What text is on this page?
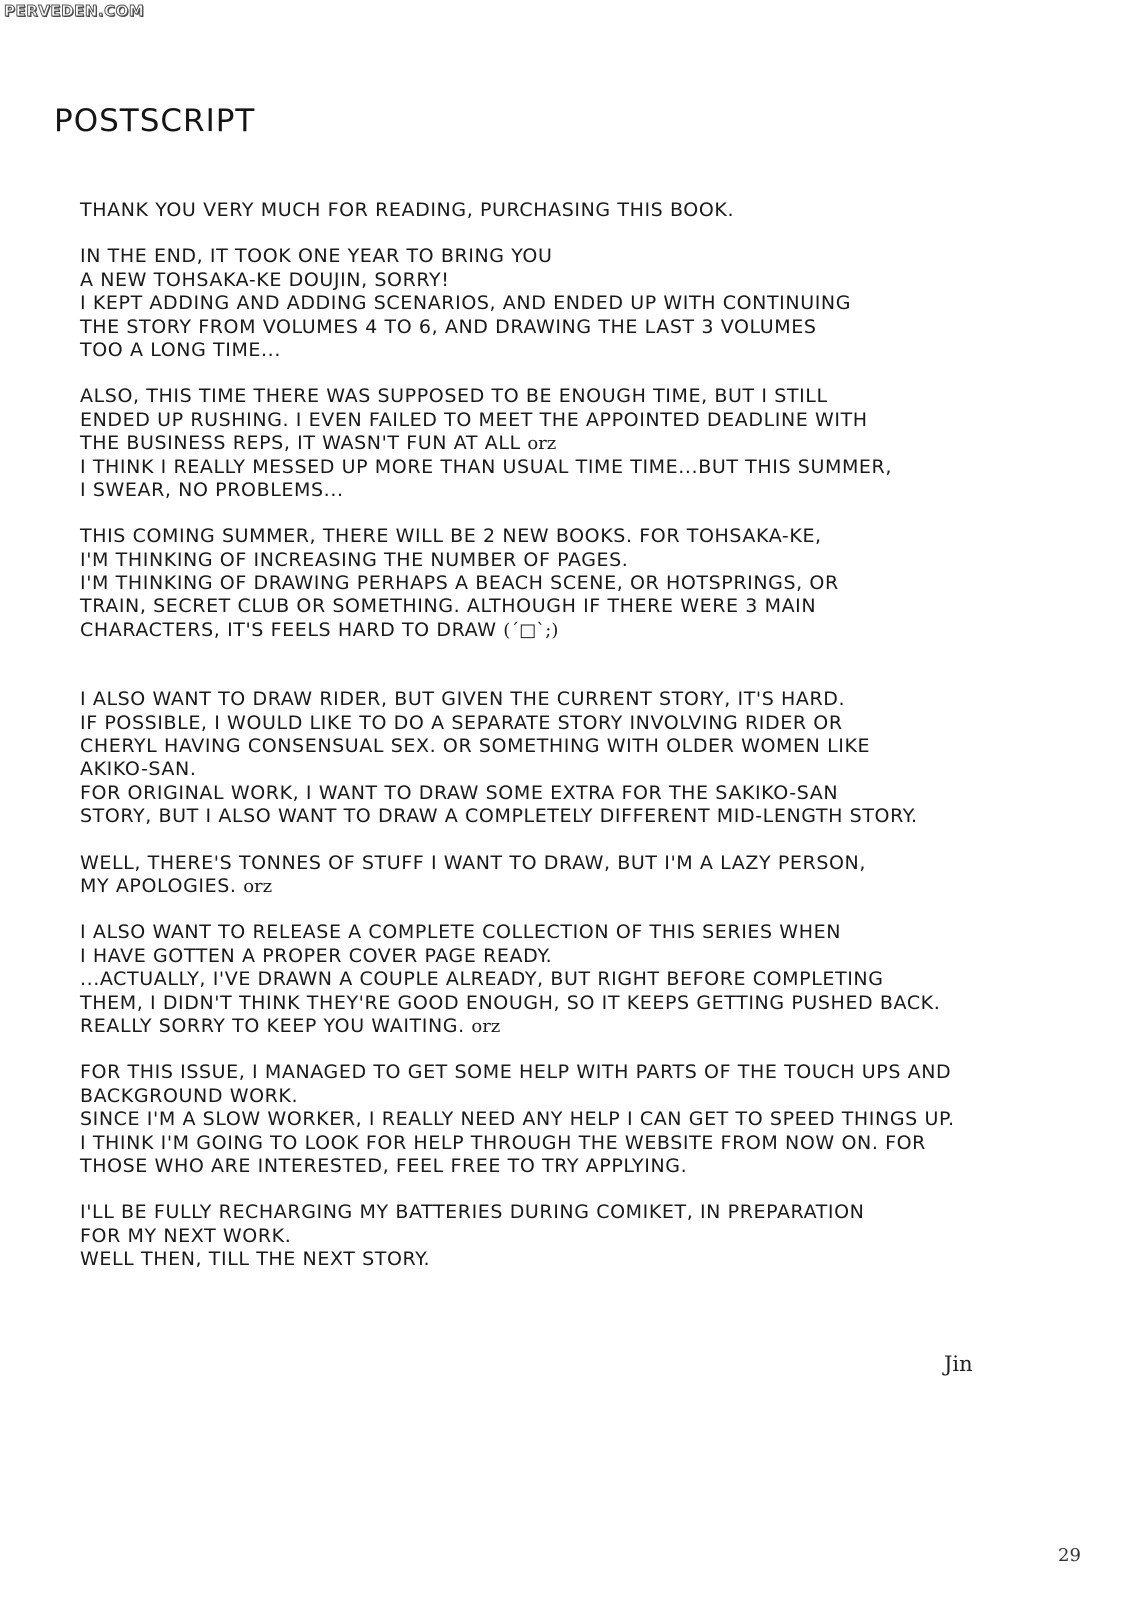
PERVEDEN.COM
POSTSCRIPT
THANK YOU VERY MUCH FOR READING, PURCHASING THIS BOOK.
IN THE END, IT TOOK ONE YEAR TO BRING YOU
A NEW TOHSAKA-KE DOUJIN, SORRY!
I KEPT ADDING AND ADDING SCENARIOS, AND ENDED UP WITH CONTINUING
THE STORY FROM VOLUMES 4 TO 6, AND DRAWING THE LAST 3 VOLUMES
TOO A LONG TIME...
ALSO, THIS TIME THERE WAS SUPPOSED TO BE ENOUGH TIME, BUT I STILL
ENDED UP RUSHING. I EVEN FAILED TO MEET THE APPOINTED DEADLINE WITH
THE BUSINESS REPS, IT WASN'T FUN AT ALL orz
I THINK I REALLY MESSED UP MORE THAN USUAL TIME TIME...BUT THIS SUMMER,
I SWEAR, NO PROBLEMS...
THIS COMING SUMMER, THERE WILL BE 2 NEW BOOKS. FOR TOHSAKA-KE,
I'M THINKING OF INCREASING THE NUMBER OF PAGES.
I'M THINKING OF DRAWING PERHAPS A BEACH SCENE, OR HOTSPRINGS, OR
TRAIN, SECRET CLUB OR SOMETHING. ALTHOUGH IF THERE WERE 3 MAIN
CHARACTERS, IT'S FEELS HARD TO DRAW (´□`;)
I ALSO WANT TO DRAW RIDER, BUT GIVEN THE CURRENT STORY, IT'S HARD.
IF POSSIBLE, I WOULD LIKE TO DO A SEPARATE STORY INVOLVING RIDER OR
CHERYL HAVING CONSENSUAL SEX. OR SOMETHING WITH OLDER WOMEN LIKE
AKIKO-SAN.
FOR ORIGINAL WORK, I WANT TO DRAW SOME EXTRA FOR THE SAKIKO-SAN
STORY, BUT I ALSO WANT TO DRAW A COMPLETELY DIFFERENT MID-LENGTH STORY.
WELL, THERE'S TONNES OF STUFF I WANT TO DRAW, BUT I'M A LAZY PERSON,
MY APOLOGIES. orz
I ALSO WANT TO RELEASE A COMPLETE COLLECTION OF THIS SERIES WHEN
I HAVE GOTTEN A PROPER COVER PAGE READY.
...ACTUALLY, I'VE DRAWN A COUPLE ALREADY, BUT RIGHT BEFORE COMPLETING
THEM, I DIDN'T THINK THEY'RE GOOD ENOUGH, SO IT KEEPS GETTING PUSHED BACK.
REALLY SORRY TO KEEP YOU WAITING. orz
FOR THIS ISSUE, I MANAGED TO GET SOME HELP WITH PARTS OF THE TOUCH UPS AND
BACKGROUND WORK.
SINCE I'M A SLOW WORKER, I REALLY NEED ANY HELP I CAN GET TO SPEED THINGS UP.
I THINK I'M GOING TO LOOK FOR HELP THROUGH THE WEBSITE FROM NOW ON. FOR
THOSE WHO ARE INTERESTED, FEEL FREE TO TRY APPLYING.
I'LL BE FULLY RECHARGING MY BATTERIES DURING COMIKET, IN PREPARATION
FOR MY NEXT WORK.
WELL THEN, TILL THE NEXT STORY.
Jin
29
